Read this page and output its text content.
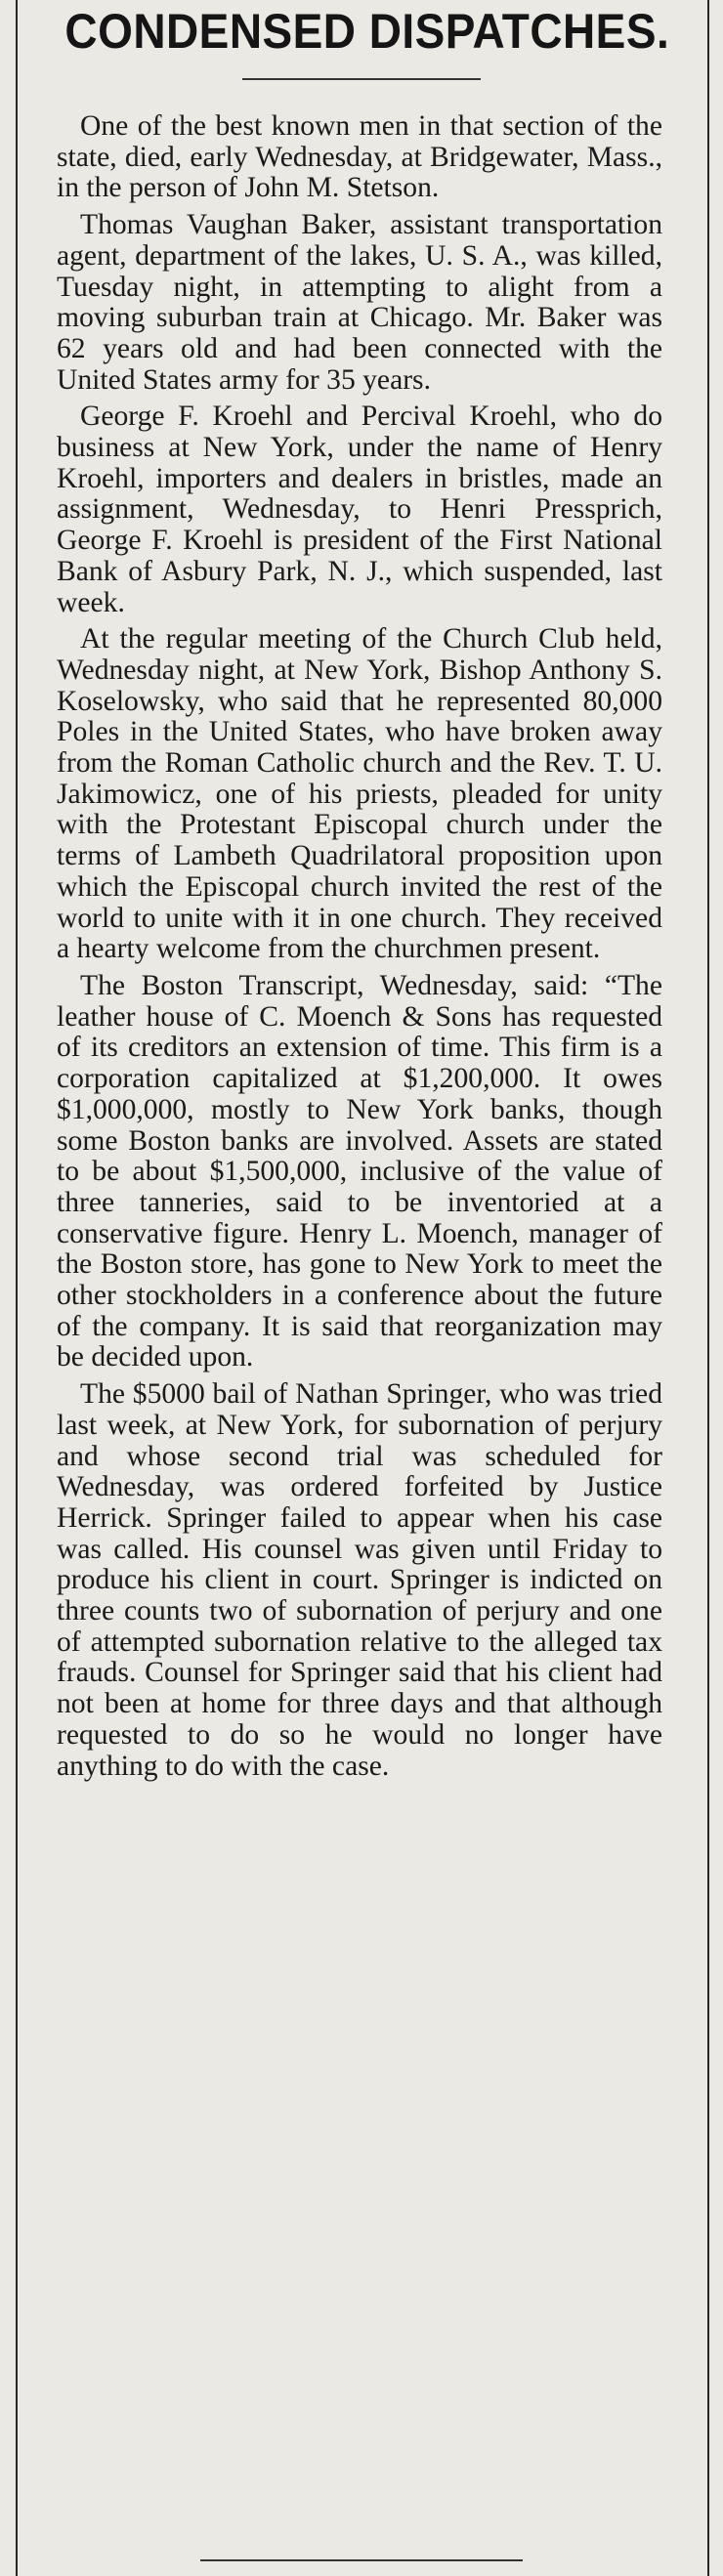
CONDENSED DISPATCHES.

One of the best known men in that section of the state, died, early Wednesday, at Bridgewater, Mass., in the person of John M. Stetson.

Thomas Vaughan Baker, assistant transportation agent, department of the lakes, U. S. A., was killed, Tuesday night, in attempting to alight from a moving suburban train at Chicago. Mr. Baker was 62 years old and had been connected with the United States army for 35 years.

George F. Kroehl and Percival Kroehl, who do business at New York, under the name of Henry Kroehl, importers and dealers in bristles, made an assignment, Wednesday, to Henri Pressprich, George F. Kroehl is president of the First National Bank of Asbury Park, N. J., which suspended, last week.

At the regular meeting of the Church Club held, Wednesday night, at New York, Bishop Anthony S. Koselowsky, who said that he represented 80,000 Poles in the United States, who have broken away from the Roman Catholic church and the Rev. T. U. Jakimowicz, one of his priests, pleaded for unity with the Protestant Episcopal church under the terms of Lambeth Quadrilatoral proposition upon which the Episcopal church invited the rest of the world to unite with it in one church. They received a hearty welcome from the churchmen present.

The Boston Transcript, Wednesday, said: “The leather house of C. Moench & Sons has requested of its creditors an extension of time. This firm is a corporation capitalized at $1,200,000. It owes $1,000,000, mostly to New York banks, though some Boston banks are involved. Assets are stated to be about $1,500,000, inclusive of the value of three tanneries, said to be inventoried at a conservative figure. Henry L. Moench, manager of the Boston store, has gone to New York to meet the other stockholders in a conference about the future of the company. It is said that reorganization may be decided upon.

The $5000 bail of Nathan Springer, who was tried last week, at New York, for subornation of perjury and whose second trial was scheduled for Wednesday, was ordered forfeited by Justice Herrick. Springer failed to appear when his case was called. His counsel was given until Friday to produce his client in court. Springer is indicted on three counts two of subornation of perjury and one of attempted subornation relative to the alleged tax frauds. Counsel for Springer said that his client had not been at home for three days and that although requested to do so he would no longer have anything to do with the case.
